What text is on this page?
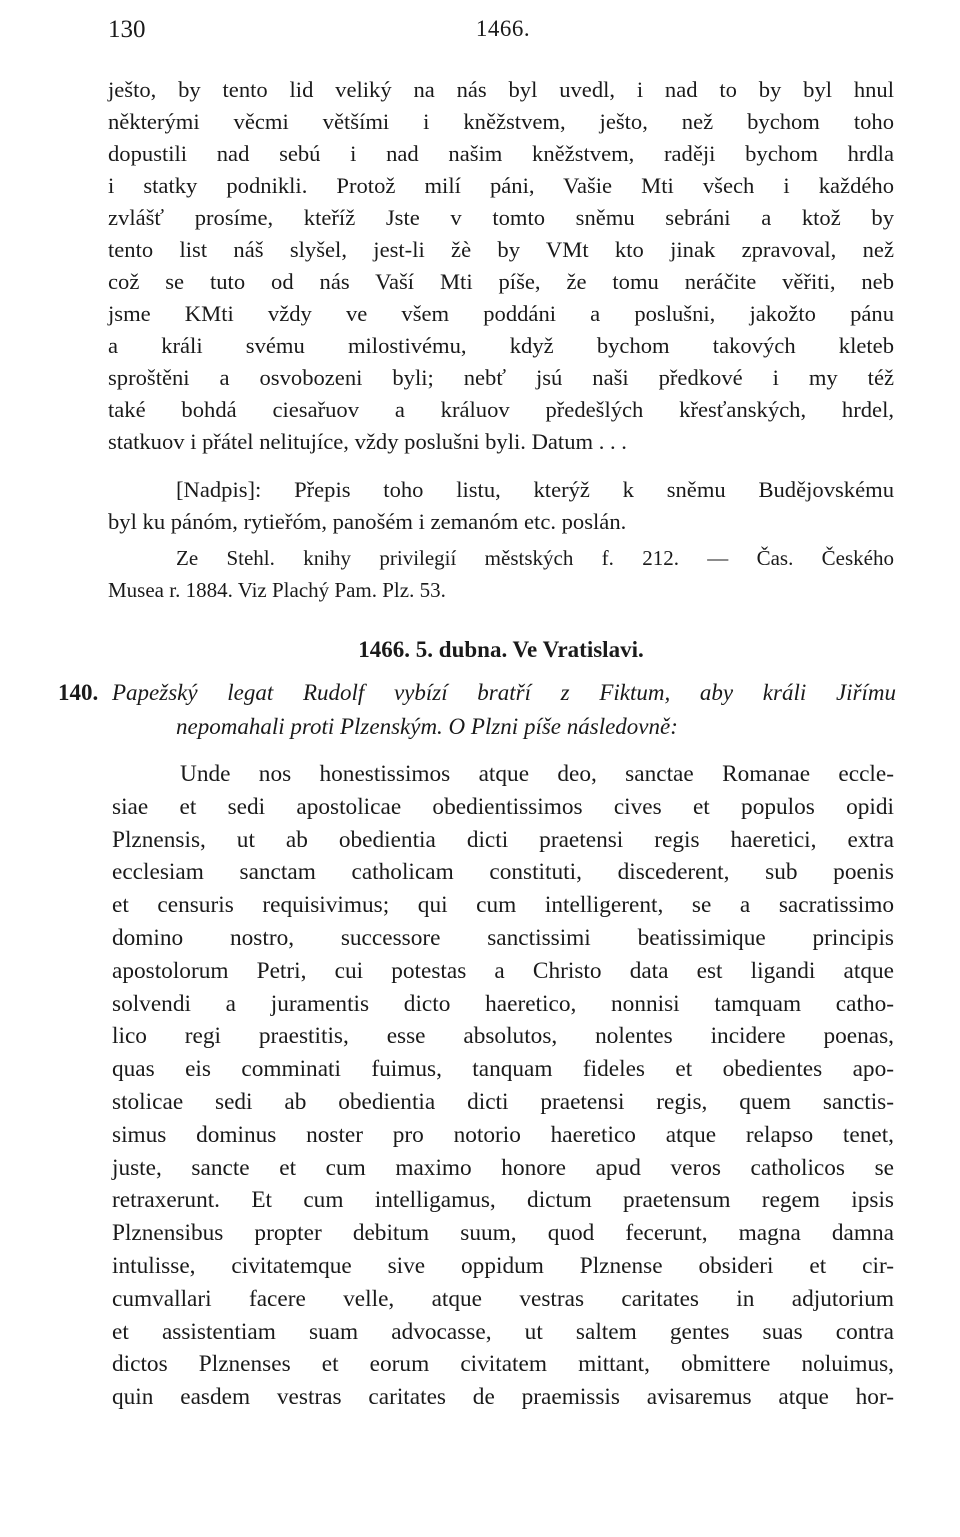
130	1466.
ješto, by tento lid veliký na nás byl uvedl, i nad to by byl hnul
některými věcmi většími i kněžstvem, ješto, než bychom toho
dopustili nad sebú i nad našim kněžstvem, raději bychom hrdla
i statky podnikli. Protož milí páni, Vašie Mti všech i každého
zvlášť prosíme, kteříž Jste v tomto sněmu sebráni a ktož by
tento list náš slyšel, jest-li žè by VMt kto jinak zpravoval, než
což se tuto od nás Vaší Mti píše, že tomu neráčite věřiti, neb
jsme KMti vždy ve všem poddáni a poslušni, jakožto pánu
a králi svému milostivému, když bychom takových kleteb
sproštěni a osvobozeni byli; nebť jsú naši předkové i my též
také bohdá ciesařuov a králuov předešlých křesťanských, hrdel,
statkuov i přátel nelitujíce, vždy poslušni byli. Datum . . .
[Nadpis]: Přepis toho listu, kterýž k sněmu Budějovskému
byl ku pánóm, rytieřóm, panošém i zemanóm etc. poslán.
Ze Stehl. knihy privilegií městských f. 212. — Čas. Českého
Musea r. 1884. Viz Plachý Pam. Plz. 53.
1466. 5. dubna. Ve Vratislavi.
140. Papežský legat Rudolf vybízí bratří z Fiktum, aby králi Jiřímu
nepomahali proti Plzenským. O Plzni píše následovně:
Unde nos honestissimos atque deo, sanctae Romanae eccle-
siae et sedi apostolicae obedientissimos cives et populos opidi
Plznensis, ut ab obedientia dicti praetensi regis haeretici, extra
ecclesiam sanctam catholicam constituti, discederent, sub poenis
et censuris requisivimus; qui cum intelligerent, se a sacratissimo
domino nostro, successore sanctissimi beatissimique principis
apostolorum Petri, cui potestas a Christo data est ligandi atque
solvendi a juramentis dicto haeretico, nonnisi tamquam catho-
lico regi praestitis, esse absolutos, nolentes incidere poenas,
quas eis comminati fuimus, tanquam fideles et obedientes apo-
stolicae sedi ab obedientia dicti praetensi regis, quem sanctis-
simus dominus noster pro notorio haeretico atque relapso tenet,
juste, sancte et cum maximo honore apud veros catholicos se
retraxerunt. Et cum intelligamus, dictum praetensum regem ipsis
Plznensibus propter debitum suum, quod fecerunt, magna damna
intulisse, civitatemque sive oppidum Plznense obsideri et cir-
cumvallari facere velle, atque vestras caritates in adjutorium
et assistentiam suam advocasse, ut saltem gentes suas contra
dictos Plznenses et eorum civitatem mittant, obmittere noluimus,
quin easdem vestras caritates de praemissis avisaremus atque hor-
